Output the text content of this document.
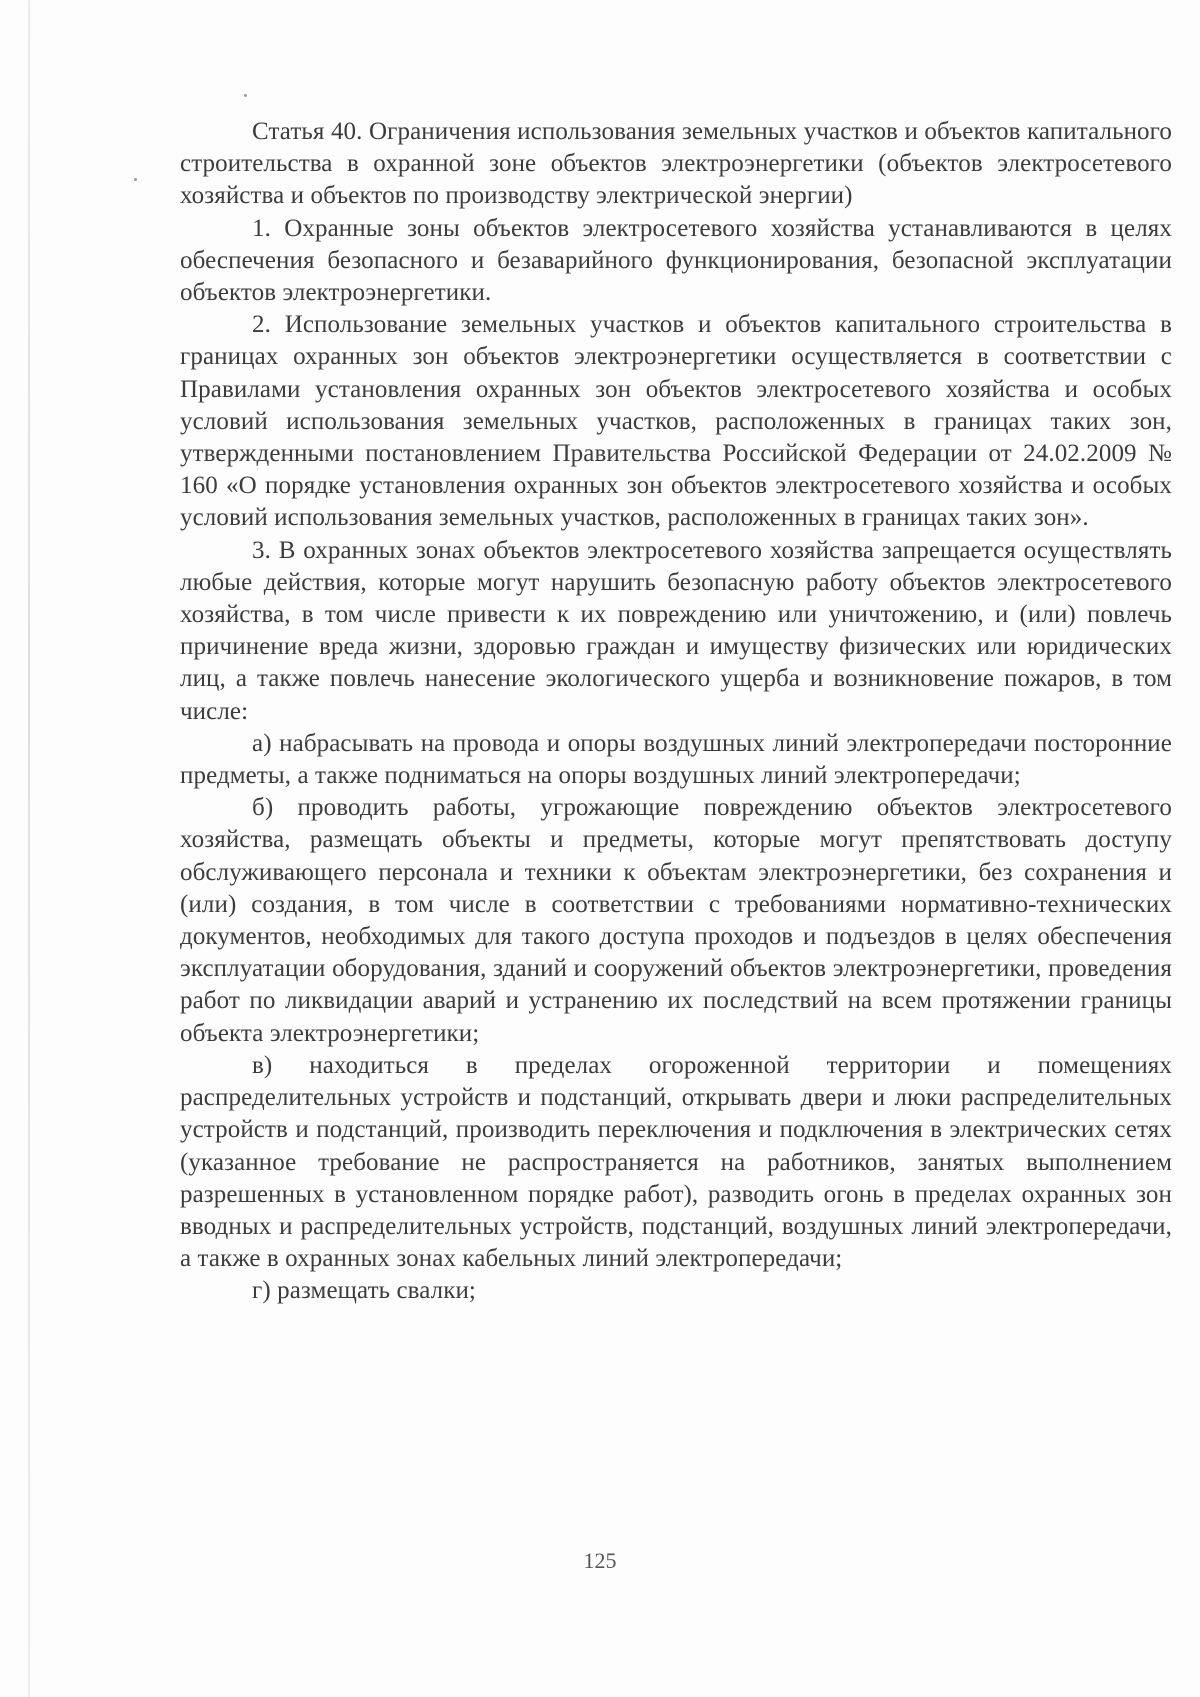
Статья 40. Ограничения использования земельных участков и объектов капитального строительства в охранной зоне объектов электроэнергетики (объектов электросетевого хозяйства и объектов по производству электрической энергии)

1. Охранные зоны объектов электросетевого хозяйства устанавливаются в целях обеспечения безопасного и безаварийного функционирования, безопасной эксплуатации объектов электроэнергетики.

2. Использование земельных участков и объектов капитального строительства в границах охранных зон объектов электроэнергетики осуществляется в соответствии с Правилами установления охранных зон объектов электросетевого хозяйства и особых условий использования земельных участков, расположенных в границах таких зон, утвержденными постановлением Правительства Российской Федерации от 24.02.2009 № 160 «О порядке установления охранных зон объектов электросетевого хозяйства и особых условий использования земельных участков, расположенных в границах таких зон».

3. В охранных зонах объектов электросетевого хозяйства запрещается осуществлять любые действия, которые могут нарушить безопасную работу объектов электросетевого хозяйства, в том числе привести к их повреждению или уничтожению, и (или) повлечь причинение вреда жизни, здоровью граждан и имуществу физических или юридических лиц, а также повлечь нанесение экологического ущерба и возникновение пожаров, в том числе:

а) набрасывать на провода и опоры воздушных линий электропередачи посторонние предметы, а также подниматься на опоры воздушных линий электропередачи;

б) проводить работы, угрожающие повреждению объектов электросетевого хозяйства, размещать объекты и предметы, которые могут препятствовать доступу обслуживающего персонала и техники к объектам электроэнергетики, без сохранения и (или) создания, в том числе в соответствии с требованиями нормативно-технических документов, необходимых для такого доступа проходов и подъездов в целях обеспечения эксплуатации оборудования, зданий и сооружений объектов электроэнергетики, проведения работ по ликвидации аварий и устранению их последствий на всем протяжении границы объекта электроэнергетики;

в) находиться в пределах огороженной территории и помещениях распределительных устройств и подстанций, открывать двери и люки распределительных устройств и подстанций, производить переключения и подключения в электрических сетях (указанное требование не распространяется на работников, занятых выполнением разрешенных в установленном порядке работ), разводить огонь в пределах охранных зон вводных и распределительных устройств, подстанций, воздушных линий электропередачи, а также в охранных зонах кабельных линий электропередачи;

г) размещать свалки;

125
